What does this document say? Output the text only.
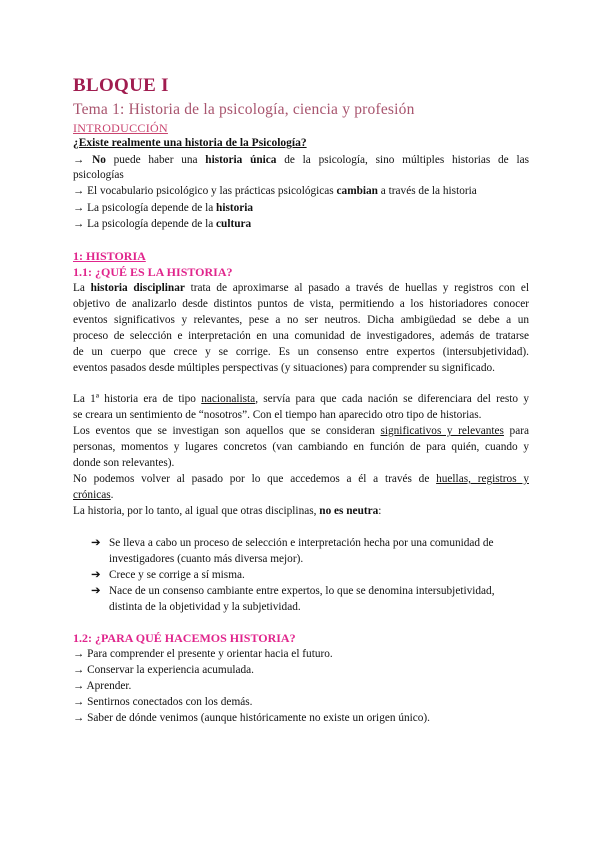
BLOQUE I
Tema 1: Historia de la psicología, ciencia y profesión
INTRODUCCIÓN
¿Existe realmente una historia de la Psicología?
→ No puede haber una historia única de la psicología, sino múltiples historias de las
psicologías
→ El vocabulario psicológico y las prácticas psicológicas cambian a través de la historia
→ La psicología depende de la historia
→ La psicología depende de la cultura
1: HISTORIA
1.1: ¿QUÉ ES LA HISTORIA?
La historia disciplinar trata de aproximarse al pasado a través de huellas y registros con el
objetivo de analizarlo desde distintos puntos de vista, permitiendo a los historiadores conocer
eventos significativos y relevantes, pese a no ser neutros. Dicha ambigüedad se debe a un
proceso de selección e interpretación en una comunidad de investigadores, además de tratarse
de un cuerpo que crece y se corrige. Es un consenso entre expertos (intersubjetividad).
eventos pasados desde múltiples perspectivas (y situaciones) para comprender su significado.
La 1ª historia era de tipo nacionalista, servía para que cada nación se diferenciara del resto y
se creara un sentimiento de “nosotros”. Con el tiempo han aparecido otro tipo de historias.
Los eventos que se investigan son aquellos que se consideran significativos y relevantes para
personas, momentos y lugares concretos (van cambiando en función de para quién, cuando y
donde son relevantes).
No podemos volver al pasado por lo que accedemos a él a través de huellas, registros y
crónicas.
La historia, por lo tanto, al igual que otras disciplinas, no es neutra:
➔ Se lleva a cabo un proceso de selección e interpretación hecha por una comunidad de
investigadores (cuanto más diversa mejor).
➔ Crece y se corrige a sí misma.
➔ Nace de un consenso cambiante entre expertos, lo que se denomina intersubjetividad,
distinta de la objetividad y la subjetividad.
1.2: ¿PARA QUÉ HACEMOS HISTORIA?
→ Para comprender el presente y orientar hacia el futuro.
→ Conservar la experiencia acumulada.
→ Aprender.
→ Sentirnos conectados con los demás.
→ Saber de dónde venimos (aunque históricamente no existe un origen único).
